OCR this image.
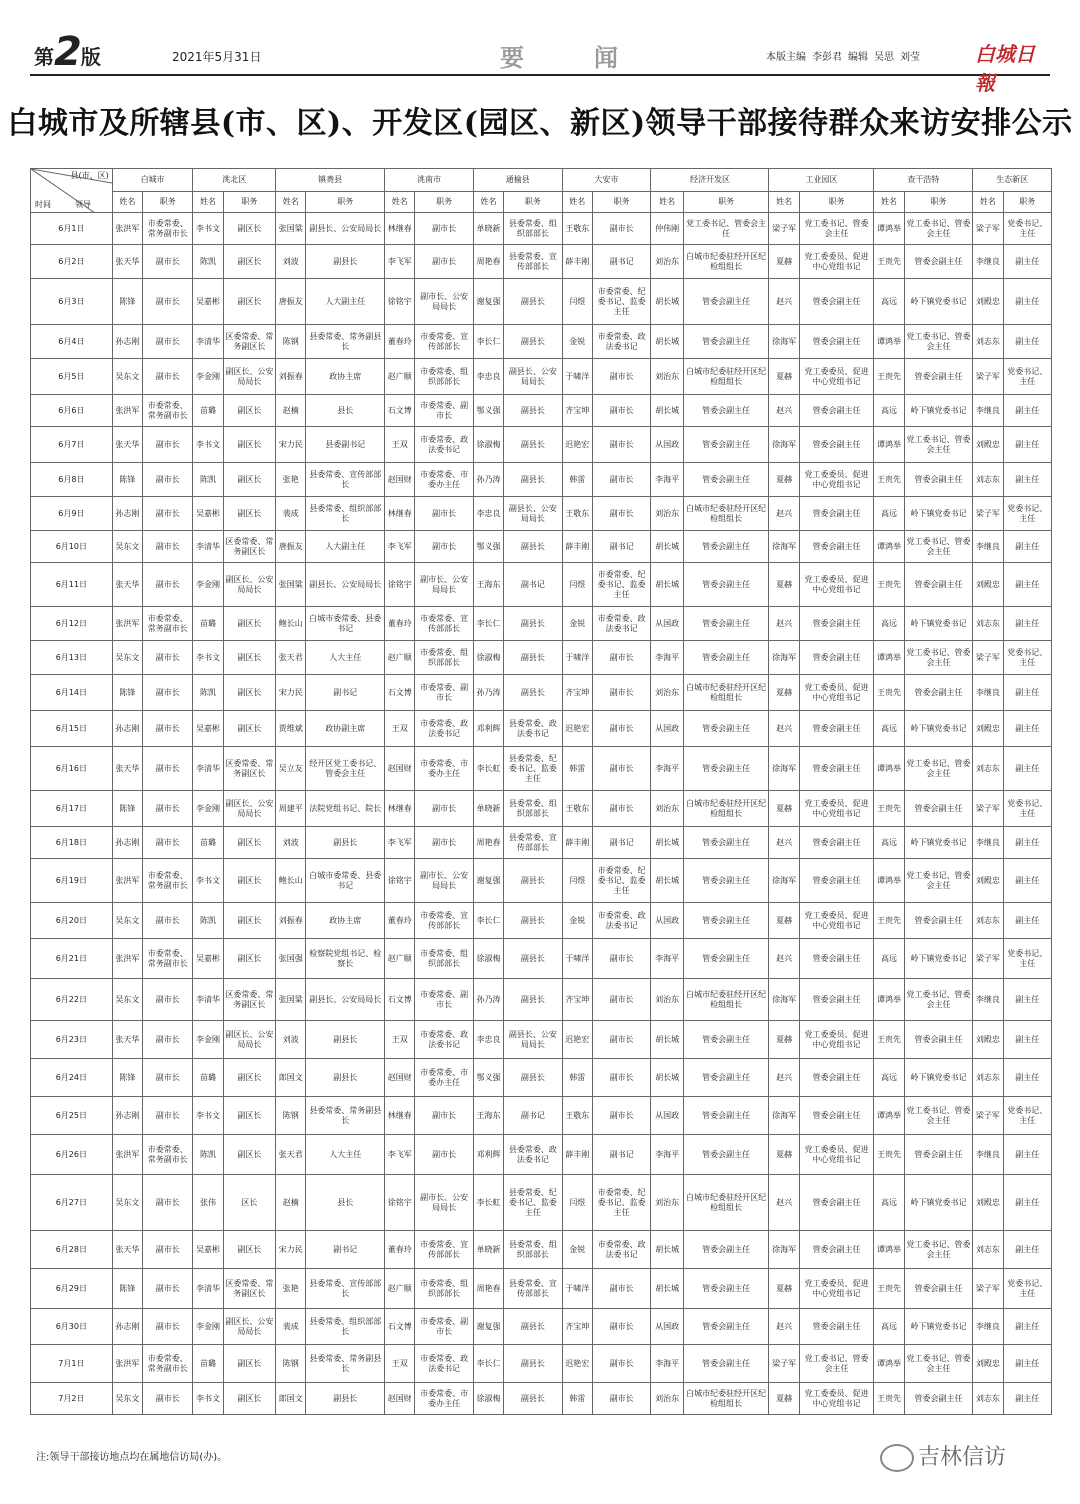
第2版	2021年5月31日	要闻	本版主编 李彭君 编辑 吴思 刘莹	白城日報
白城市及所辖县(市、区)、开发区(园区、新区)领导干部接待群众来访安排公示
县(市、区)
时间 领导	白城市		洮北区		镇赉县		洮南市		通榆县		大安市		经济开发区		工业园区		查干浩特		生态新区	
	姓名	职务	姓名	职务	姓名	职务	姓名	职务	姓名	职务	姓名	职务	姓名	职务	姓名	职务	姓名	职务	姓名	职务
6月1日	张洪军	市委常委、常务副市长	李书文	副区长	张国粱	副县长、公安局局长	林继春	副市长	单晓新	县委常委、组织部部长	王敬东	副市长	仲伟刚	党工委书记、管委会主任	梁子军	党工委书记、管委会主任	谭鸿举	党工委书记、管委会主任	梁子军	党委书记、主任
6月2日	张天华	副市长	陈凯	副区长	刘波	副县长	李飞军	副市长	周艳春	县委常委、宣传部部长	薛丰刚	副书记	刘治东	白城市纪委驻经开区纪检组组长	夏赫	党工委委员、促进中心党组书记	王贵先	管委会副主任	李继良	副主任
6月3日	陈锋	副市长	吴嘉彬	副区长	唐振友	人大副主任	徐铭宇	副市长、公安局局长	谢复强	副县长	闫煜	市委常委、纪委书记、监委主任	胡长城	管委会副主任	赵兴	管委会副主任	高远	岭下镇党委书记	刘殿忠	副主任
6月4日	孙志刚	副市长	李清华	区委常委、常务副区长	陈钢	县委常委、常务副县长	董春玲	市委常委、宣传部部长	李长仁	副县长	金锐	市委常委、政法委书记	胡长城	管委会副主任	徐海军	管委会副主任	谭鸿举	党工委书记、管委会主任	刘志东	副主任
6月5日	吴东文	副市长	李金刚	副区长、公安局局长	刘振春	政协主席	赵广顺	市委常委、组织部部长	李忠良	副县长、公安局局长	于啸洋	副市长	刘治东	白城市纪委驻经开区纪检组组长	夏赫	党工委委员、促进中心党组书记	王贵先	管委会副主任	梁子军	党委书记、主任
6月6日	张洪军	市委常委、常务副市长	苗璐	副区长	赵楠	县长	石文博	市委常委、副市长	鄂义强	副县长	齐宝坤	副市长	胡长城	管委会副主任	赵兴	管委会副主任	高远	岭下镇党委书记	李继良	副主任
6月7日	张天华	副市长	李书文	副区长	宋力民	县委副书记	王双	市委常委、政法委书记	徐淑梅	副县长	迟艳宏	副市长	从国政	管委会副主任	徐海军	管委会副主任	谭鸿举	党工委书记、管委会主任	刘殿忠	副主任
6月8日	陈锋	副市长	陈凯	副区长	张艳	县委常委、宣传部部长	赵国财	市委常委、市委办主任	孙乃涛	副县长	韩雷	副市长	李海平	管委会副主任	夏赫	党工委委员、促进中心党组书记	王贵先	管委会副主任	刘志东	副主任
6月9日	孙志刚	副市长	吴嘉彬	副区长	裴成	县委常委、组织部部长	林继春	副市长	李忠良	副县长、公安局局长	王敬东	副市长	刘治东	白城市纪委驻经开区纪检组组长	赵兴	管委会副主任	高远	岭下镇党委书记	梁子军	党委书记、主任
6月10日	吴东文	副市长	李清华	区委常委、常务副区长	唐振友	人大副主任	李飞军	副市长	鄂义强	副县长	薛丰刚	副书记	胡长城	管委会副主任	徐海军	管委会副主任	谭鸿举	党工委书记、管委会主任	李继良	副主任
6月11日	张天华	副市长	李金刚	副区长、公安局局长	张国粱	副县长、公安局局长	徐铭宇	副市长、公安局局长	王海东	副书记	闫煜	市委常委、纪委书记、监委主任	胡长城	管委会副主任	夏赫	党工委委员、促进中心党组书记	王贵先	管委会副主任	刘殿忠	副主任
6月12日	张洪军	市委常委、常务副市长	苗璐	副区长	鲍长山	白城市委常委、县委书记	董春玲	市委常委、宣传部部长	李长仁	副县长	金锐	市委常委、政法委书记	从国政	管委会副主任	赵兴	管委会副主任	高远	岭下镇党委书记	刘志东	副主任
6月13日	吴东文	副市长	李书文	副区长	张天君	人大主任	赵广顺	市委常委、组织部部长	徐淑梅	副县长	于啸洋	副市长	李海平	管委会副主任	徐海军	管委会副主任	谭鸿举	党工委书记、管委会主任	梁子军	党委书记、主任
6月14日	陈锋	副市长	陈凯	副区长	宋力民	副书记	石文博	市委常委、副市长	孙乃涛	副县长	齐宝坤	副市长	刘治东	白城市纪委驻经开区纪检组组长	夏赫	党工委委员、促进中心党组书记	王贵先	管委会副主任	李继良	副主任
6月15日	孙志刚	副市长	吴嘉彬	副区长	贾维斌	政协副主席	王双	市委常委、政法委书记	邓利辉	县委常委、政法委书记	迟艳宏	副市长	从国政	管委会副主任	赵兴	管委会副主任	高远	岭下镇党委书记	刘殿忠	副主任
6月16日	张天华	副市长	李清华	区委常委、常务副区长	吴立友	经开区党工委书记、管委会主任	赵国财	市委常委、市委办主任	李长虹	县委常委、纪委书记、监委主任	韩雷	副市长	李海平	管委会副主任	徐海军	管委会副主任	谭鸿举	党工委书记、管委会主任	刘志东	副主任
6月17日	陈锋	副市长	李金刚	副区长、公安局局长	周建平	法院党组书记、院长	林继春	副市长	单晓新	县委常委、组织部部长	王敬东	副市长	刘治东	白城市纪委驻经开区纪检组组长	夏赫	党工委委员、促进中心党组书记	王贵先	管委会副主任	梁子军	党委书记、主任
6月18日	孙志刚	副市长	苗璐	副区长	刘波	副县长	李飞军	副市长	周艳春	县委常委、宣传部部长	薛丰刚	副书记	胡长城	管委会副主任	赵兴	管委会副主任	高远	岭下镇党委书记	李继良	副主任
6月19日	张洪军	市委常委、常务副市长	李书文	副区长	鲍长山	白城市委常委、县委书记	徐铭宇	副市长、公安局局长	谢复强	副县长	闫煜	市委常委、纪委书记、监委主任	胡长城	管委会副主任	徐海军	管委会副主任	谭鸿举	党工委书记、管委会主任	刘殿忠	副主任
6月20日	吴东文	副市长	陈凯	副区长	刘振春	政协主席	董春玲	市委常委、宣传部部长	李长仁	副县长	金锐	市委常委、政法委书记	从国政	管委会副主任	夏赫	党工委委员、促进中心党组书记	王贵先	管委会副主任	刘志东	副主任
6月21日	张洪军	市委常委、常务副市长	吴嘉彬	副区长	张国强	检察院党组书记、检察长	赵广顺	市委常委、组织部部长	徐淑梅	副县长	于啸洋	副市长	李海平	管委会副主任	赵兴	管委会副主任	高远	岭下镇党委书记	梁子军	党委书记、主任
6月22日	吴东文	副市长	李清华	区委常委、常务副区长	张国粱	副县长、公安局局长	石文博	市委常委、副市长	孙乃涛	副县长	齐宝坤	副市长	刘治东	白城市纪委驻经开区纪检组组长	徐海军	管委会副主任	谭鸿举	党工委书记、管委会主任	李继良	副主任
6月23日	张天华	副市长	李金刚	副区长、公安局局长	刘波	副县长	王双	市委常委、政法委书记	李忠良	副县长、公安局局长	迟艳宏	副市长	胡长城	管委会副主任	夏赫	党工委委员、促进中心党组书记	王贵先	管委会副主任	刘殿忠	副主任
6月24日	陈锋	副市长	苗璐	副区长	郎国文	副县长	赵国财	市委常委、市委办主任	鄂义强	副县长	韩雷	副市长	胡长城	管委会副主任	赵兴	管委会副主任	高远	岭下镇党委书记	刘志东	副主任
6月25日	孙志刚	副市长	李书文	副区长	陈钢	县委常委、常务副县长	林继春	副市长	王海东	副书记	王敬东	副市长	从国政	管委会副主任	徐海军	管委会副主任	谭鸿举	党工委书记、管委会主任	梁子军	党委书记、主任
6月26日	张洪军	市委常委、常务副市长	陈凯	副区长	张天君	人大主任	李飞军	副市长	邓利辉	县委常委、政法委书记	薛丰刚	副书记	李海平	管委会副主任	夏赫	党工委委员、促进中心党组书记	王贵先	管委会副主任	李继良	副主任
6月27日	吴东文	副市长	张伟	区长	赵楠	县长	徐铭宇	副市长、公安局局长	李长虹	县委常委、纪委书记、监委主任	闫煜	市委常委、纪委书记、监委主任	刘治东	白城市纪委驻经开区纪检组组长	赵兴	管委会副主任	高远	岭下镇党委书记	刘殿忠	副主任
6月28日	张天华	副市长	吴嘉彬	副区长	宋力民	副书记	董春玲	市委常委、宣传部部长	单晓新	县委常委、组织部部长	金锐	市委常委、政法委书记	胡长城	管委会副主任	徐海军	管委会副主任	谭鸿举	党工委书记、管委会主任	刘志东	副主任
6月29日	陈锋	副市长	李清华	区委常委、常务副区长	张艳	县委常委、宣传部部长	赵广顺	市委常委、组织部部长	周艳春	县委常委、宣传部部长	于啸洋	副市长	胡长城	管委会副主任	夏赫	党工委委员、促进中心党组书记	王贵先	管委会副主任	梁子军	党委书记、主任
6月30日	孙志刚	副市长	李金刚	副区长、公安局局长	裴成	县委常委、组织部部长	石文博	市委常委、副市长	谢复强	副县长	齐宝坤	副市长	从国政	管委会副主任	赵兴	管委会副主任	高远	岭下镇党委书记	李继良	副主任
7月1日	张洪军	市委常委、常务副市长	苗璐	副区长	陈钢	县委常委、常务副县长	王双	市委常委、政法委书记	李长仁	副县长	迟艳宏	副市长	李海平	管委会副主任	梁子军	党工委书记、管委会主任	谭鸿举	党工委书记、管委会主任	刘殿忠	副主任
7月2日	吴东文	副市长	李书文	副区长	郎国文	副县长	赵国财	市委常委、市委办主任	徐淑梅	副县长	韩雷	副市长	刘治东	白城市纪委驻经开区纪检组组长	夏赫	党工委委员、促进中心党组书记	王贵先	管委会副主任	刘志东	副主任
注:领导干部接访地点均在属地信访局(办)。	吉林信访
